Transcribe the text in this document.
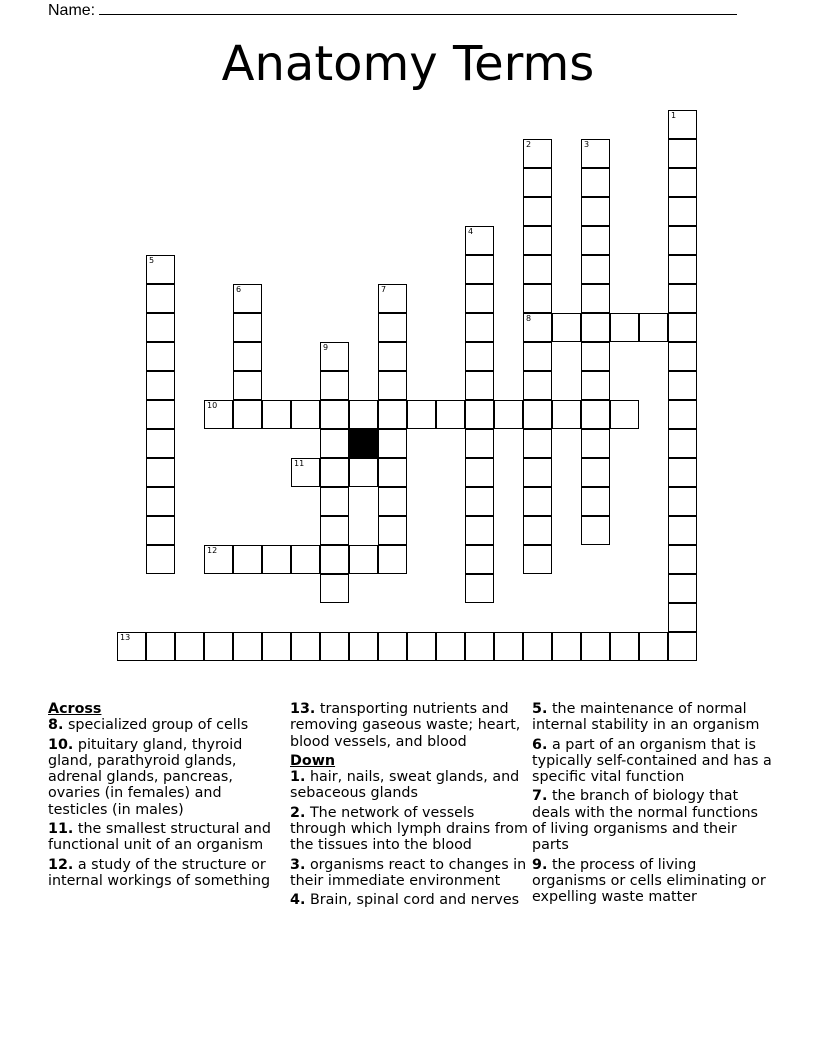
Name:
Anatomy Terms
1
2
8
3
4
5
6	7
9
10
11
12
13
Across

8. specialized group of cells

10. pituitary gland, thyroid gland, parathyroid glands, adrenal glands, pancreas, ovaries (in females) and testicles (in males)

11. the smallest structural and functional unit of an organism

12. a study of the structure or internal workings of something

13. transporting nutrients and removing gaseous waste; heart, blood vessels, and blood

Down

1. hair, nails, sweat glands, and sebaceous glands

2. The network of vessels through which lymph drains from the tissues into the blood

3. organisms react to changes in their immediate environment

4. Brain, spinal cord and nerves

5. the maintenance of normal internal stability in an organism

6. a part of an organism that is typically self-contained and has a specific vital function

7. the branch of biology that deals with the normal functions of living organisms and their parts

9. the process of living organisms or cells eliminating or expelling waste matter
